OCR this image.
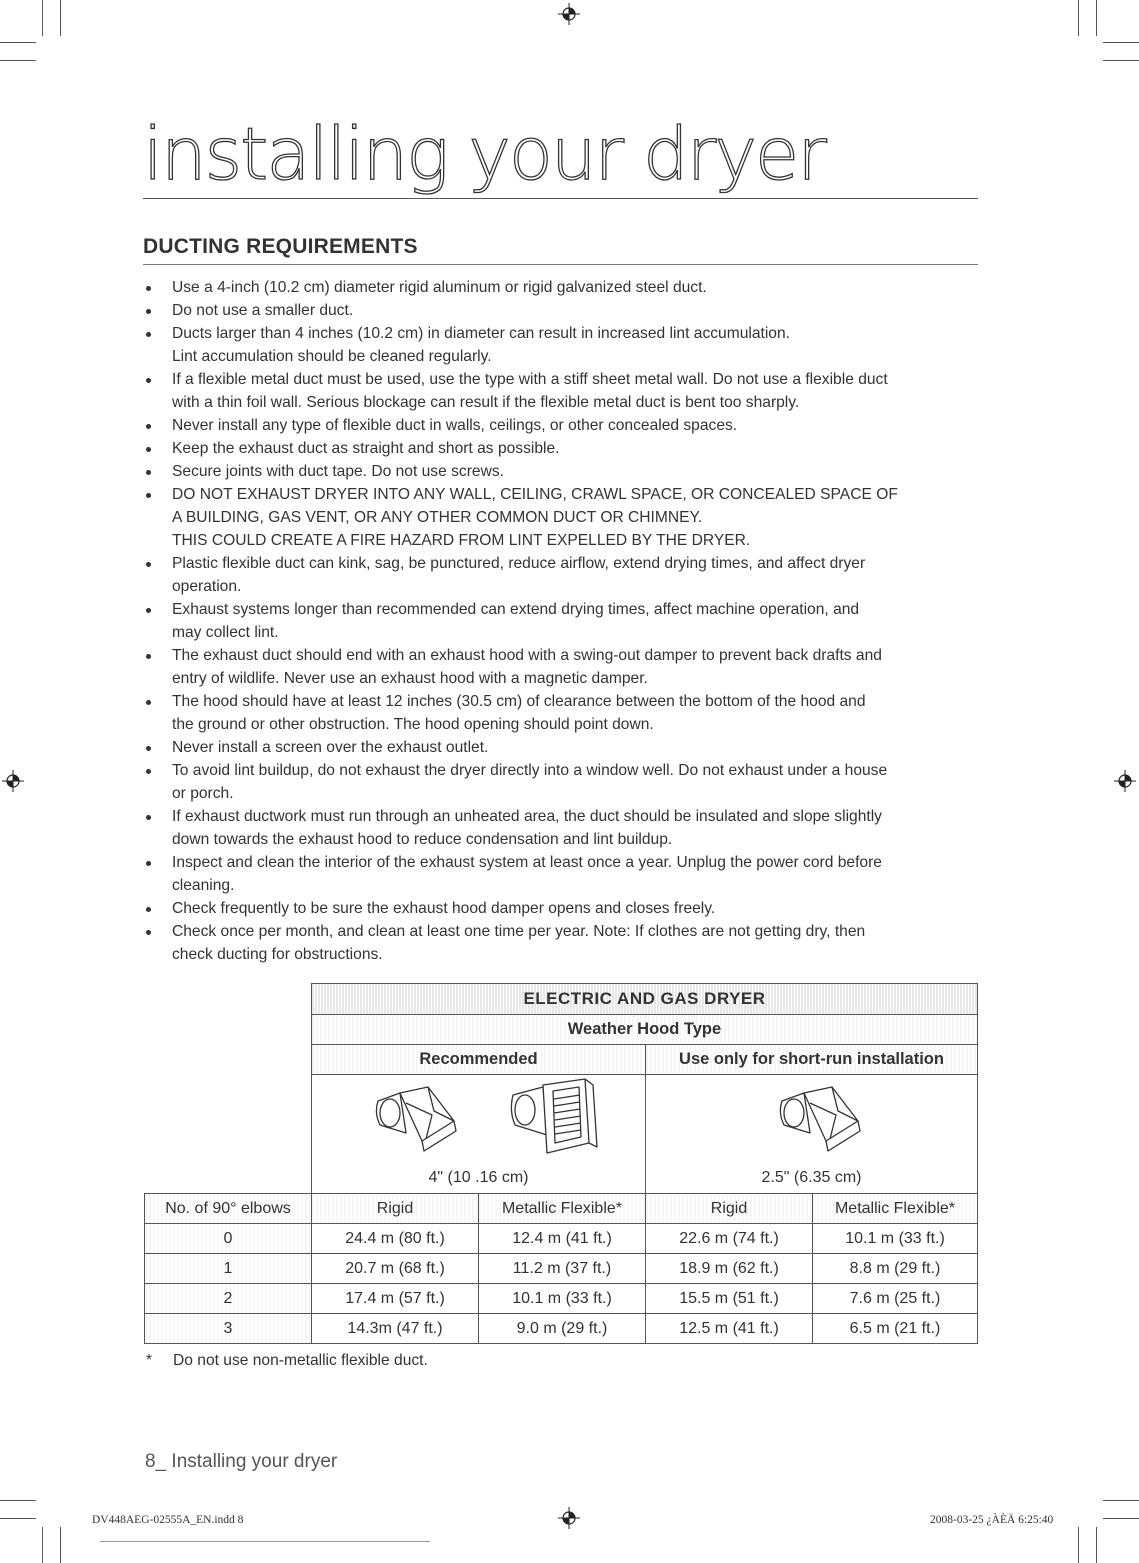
installing your dryer
DUCTING REQUIREMENTS
Use a 4-inch (10.2 cm) diameter rigid aluminum or rigid galvanized steel duct.
Do not use a smaller duct.
Ducts larger than 4 inches (10.2 cm) in diameter can result in increased lint accumulation.
Lint accumulation should be cleaned regularly.
If a flexible metal duct must be used, use the type with a stiff sheet metal wall. Do not use a flexible duct
with a thin foil wall. Serious blockage can result if the flexible metal duct is bent too sharply.
Never install any type of flexible duct in walls, ceilings, or other concealed spaces.
Keep the exhaust duct as straight and short as possible.
Secure joints with duct tape. Do not use screws.
DO NOT EXHAUST DRYER INTO ANY WALL, CEILING, CRAWL SPACE, OR CONCEALED SPACE OF
A BUILDING, GAS VENT, OR ANY OTHER COMMON DUCT OR CHIMNEY.
THIS COULD CREATE A FIRE HAZARD FROM LINT EXPELLED BY THE DRYER.
Plastic flexible duct can kink, sag, be punctured, reduce airflow, extend drying times, and affect dryer
operation.
Exhaust systems longer than recommended can extend drying times, affect machine operation, and
may collect lint.
The exhaust duct should end with an exhaust hood with a swing-out damper to prevent back drafts and
entry of wildlife. Never use an exhaust hood with a magnetic damper.
The hood should have at least 12 inches (30.5 cm) of clearance between the bottom of the hood and
the ground or other obstruction. The hood opening should point down.
Never install a screen over the exhaust outlet.
To avoid lint buildup, do not exhaust the dryer directly into a window well. Do not exhaust under a house
or porch.
If exhaust ductwork must run through an unheated area, the duct should be insulated and slope slightly
down towards the exhaust hood to reduce condensation and lint buildup.
Inspect and clean the interior of the exhaust system at least once a year. Unplug the power cord before
cleaning.
Check frequently to be sure the exhaust hood damper opens and closes freely.
Check once per month, and clean at least one time per year. Note: If clothes are not getting dry, then
check ducting for obstructions.
ELECTRIC AND GAS DRYER	
Weather Hood Type	
Recommended	Use only for short-run installation

4" (10 .16 cm)	2.5" (6.35 cm)
No. of 90° elbows	Rigid	Metallic Flexible*	Rigid	Metallic Flexible*
0	24.4 m (80 ft.)	12.4 m (41 ft.)	22.6 m (74 ft.)	10.1 m (33 ft.)
1	20.7 m (68 ft.)	11.2 m (37 ft.)	18.9 m (62 ft.)	8.8 m (29 ft.)
2	17.4 m (57 ft.)	10.1 m (33 ft.)	15.5 m (51 ft.)	7.6 m (25 ft.)
3	14.3m (47 ft.)	9.0 m (29 ft.)	12.5 m (41 ft.)	6.5 m (21 ft.)
* Do not use non-metallic flexible duct.
8_ Installing your dryer
DV448AEG-02555A_EN.indd 8	2008-03-25 ¿ÀÈÄ 6:25:40
